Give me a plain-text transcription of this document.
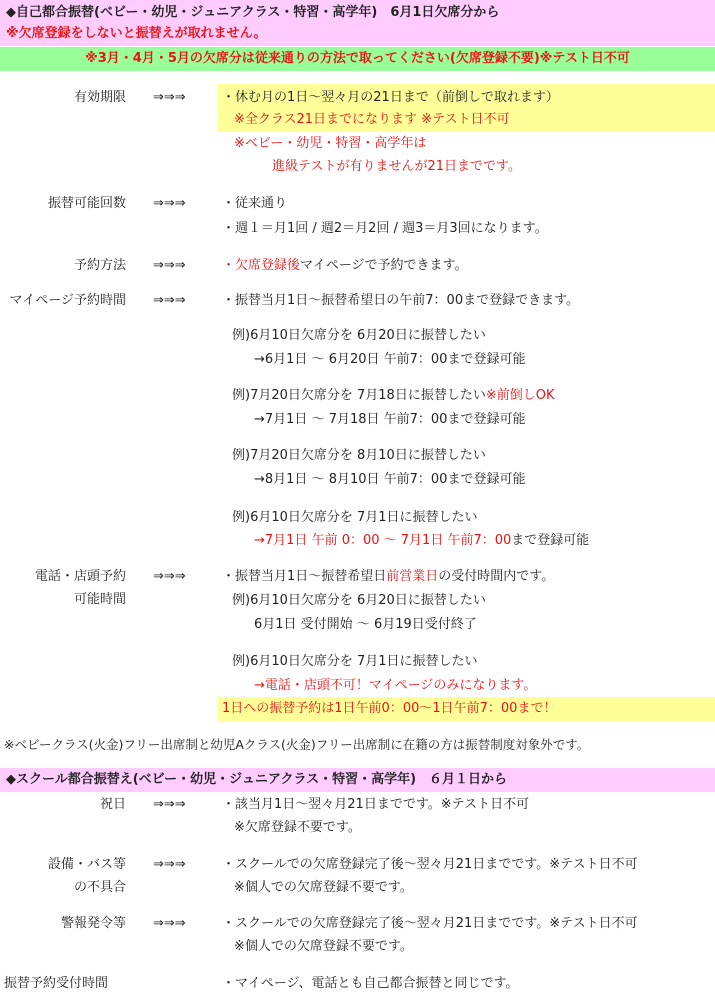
◆自己都合振替(ベビー・幼児・ジュニアクラス・特習・高学年)　6月1日欠席分から
※欠席登録をしないと振替えが取れません。
※3月・4月・5月の欠席分は従来通りの方法で取ってください(欠席登録不要)※テスト日不可
有効期限 ⇒⇒⇒	・休む月の1日～翌々月の21日まで（前倒しで取れます）
※全クラス21日までになります ※テスト日不可
※ベビー・幼児・特習・高学年は
進級テストが有りませんが21日までです。
振替可能回数 ⇒⇒⇒	・従来通り
・週１＝月1回 / 週2＝月2回 / 週3＝月3回になります。
予約方法 ⇒⇒⇒	・欠席登録後マイページで予約できます。
マイページ予約時間 ⇒⇒⇒	・振替当月1日～振替希望日の午前7：00まで登録できます。
例)6月10日欠席分を 6月20日に振替したい
→6月1日 ～ 6月20日 午前7：00まで登録可能
例)7月20日欠席分を 7月18日に振替したい※前倒しOK
→7月1日 ～ 7月18日 午前7：00まで登録可能
例)7月20日欠席分を 8月10日に振替したい
→8月1日 ～ 8月10日 午前7：00まで登録可能
例)6月10日欠席分を 7月1日に振替したい
→7月1日 午前 0：00 ～ 7月1日 午前7：00まで登録可能
電話・店頭予約
可能時間
⇒⇒⇒	・振替当月1日～振替希望日前営業日の受付時間内です。
例)6月10日欠席分を 6月20日に振替したい
6月1日 受付開始 ～ 6月19日受付終了
例)6月10日欠席分を 7月1日に振替したい
→電話・店頭不可！マイページのみになります。
1日への振替予約は1日午前0：00～1日午前7：00まで！
※ベビークラス(火金)フリー出席制と幼児Aクラス(火金)フリー出席制に在籍の方は振替制度対象外です。
◆スクール都合振替え(ベビー・幼児・ジュニアクラス・特習・高学年)　６月１日から
祝日 ⇒⇒⇒	・該当月1日～翌々月21日までです。※テスト日不可
※欠席登録不要です。
設備・バス等
の不具合
⇒⇒⇒	・スクールでの欠席登録完了後～翌々月21日までです。※テスト日不可
※個人での欠席登録不要です。
警報発令等 ⇒⇒⇒	・スクールでの欠席登録完了後～翌々月21日までです。※テスト日不可
※個人での欠席登録不要です。
振替予約受付時間	・マイページ、電話とも自己都合振替と同じです。
